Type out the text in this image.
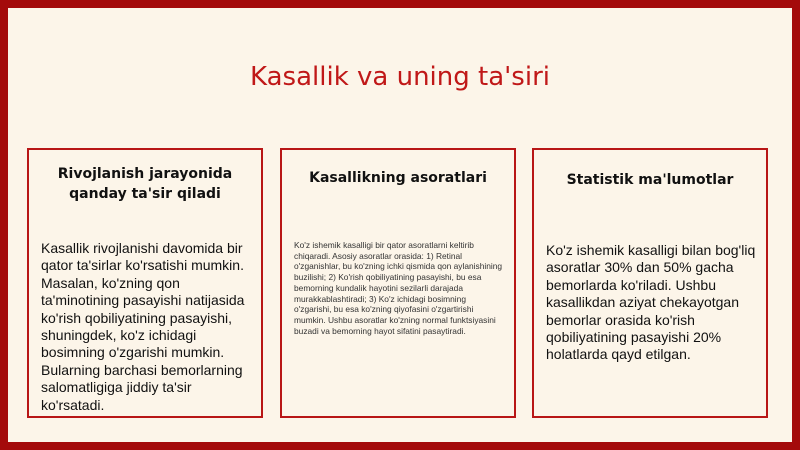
Kasallik va uning ta'siri
Rivojlanish jarayonida qanday ta'sir qiladi

Kasallik rivojlanishi davomida bir qator ta'sirlar ko'rsatishi mumkin. Masalan, ko'zning qon ta'minotining pasayishi natijasida ko'rish qobiliyatining pasayishi, shuningdek, ko'z ichidagi bosimning o'zgarishi mumkin. Bularning barchasi bemorlarning salomatligiga jiddiy ta'sir ko'rsatadi.

Kasallikning asoratlari

Ko'z ishemik kasalligi bir qator asoratlarni keltirib chiqaradi. Asosiy asoratlar orasida: 1) Retinal o'zganishlar, bu ko'zning ichki qismida qon aylanishining buzilishi; 2) Ko'rish qobiliyatining pasayishi, bu esa bemorning kundalik hayotini sezilarli darajada murakkablashtiradi; 3) Ko'z ichidagi bosimning o'zgarishi, bu esa ko'zning qiyofasini o'zgartirishi mumkin. Ushbu asoratlar ko'zning normal funktsiyasini buzadi va bemorning hayot sifatini pasaytiradi.

Statistik ma'lumotlar

Ko'z ishemik kasalligi bilan bog'liq asoratlar 30% dan 50% gacha bemorlarda ko'riladi. Ushbu kasallikdan aziyat chekayotgan bemorlar orasida ko'rish qobiliyatining pasayishi 20% holatlarda qayd etilgan.
